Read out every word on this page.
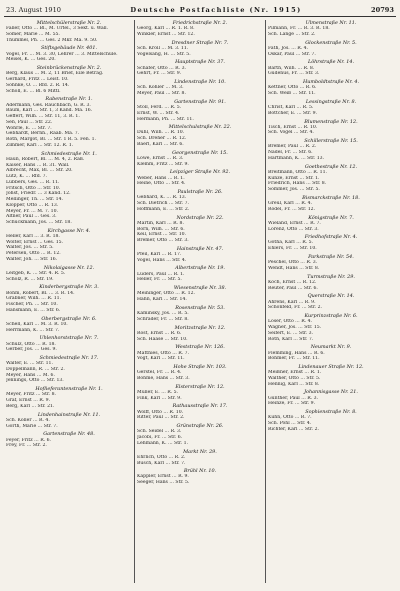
23. August 1910	Deutsche Postfachliste (Nr. 1915)	20793
Mittelschülerstraße Nr. 2.
Faller, Otto … Bl., M. Urtel., 3 Sekt. u. Wall.
Sömer, Marie … M. 55.
Thümmel, Ph. … Ges. 2 Mkr. Ma. 9. 50.
Stiftsgebäude Nr. 401.
Vogel, Fr. … M. 3. 30, Lehrer … 3. Mittelschule.
Meisel, K. … Ges. 20.
Steinbrückenstraße Nr. 2.
Berg, Klaus … M. 2, 11 Brief, Eile Betrag.
Gerhard, Fritz … Leist. 10.
Söhnke, O. … Rfd. 2. R. 14.
Scholl, E. … Bl. 6 Mittl.
Rabenstraße Nr. 1.
Adermann, Ges. Rauchbach, G. R. 3.
Baum, Karl … Str. 1, 3 Kand. Ma. 16.
Geffert, Wilh. … Str. 11, 3. R. 1.
Sen, Paul … Str. 22.
Wöhrle, E. … Str. 7.
Gebhardt, Bernh., Raab. Ma. 7.
Roth, Margot, Bl. … Str. 1 R. 5. Fen. 1.
Zimmer, Karl … Str. 12. R. 1.
Schmiedestraße Nr. 1.
Haun, Robert, Bl. … M. 4, 2. Raß.
Kaiser, Hans … R. 31. Wall.
Albrecht, Max, Bl. … Str. 20.
Lutz, K. … Rfd. 7.
Lübbers, Ges. … R. 11.
Fritsch, Otto … Str. 10.
Johst, Friedr. … 3 Kand. 12.
Mellinger, Th. … Str. 14.
Klöpper, Otto … R. 13.
Meyer, Fr. … M. 7. 10.
Altner, Paul … Ges. 3.
Schuckmann, Jos. … Str. 18.
Kirchgasse Nr. 4.
Heller, Karl … 3. R. 18.
Wolter, Ernst … Ges. 15.
Walter, Jos. … Str. 5.
Petersen, Otto … R. 12.
Walter, Joh. … Str. 16.
Nikolaigasse Nr. 12.
Leitgeb, K. … Str. 4. R. 5.
Scholz, R. … Str. 19.
Kinderbergstraße Nr. 3.
Böhm, Robert, Bl. … 3. R. 14.
Gräbner, Wilh. … R. 11.
Fischer, Ph. … Str. 10.
Hansmann, E. … Str. 6.
Oberbergstraße Nr. 6.
Schell, Karl … M. 3. R. 10.
Herrmann, K. … Str. 7.
Uhlenhorststraße Nr. 7.
Schulz, Otto … R. 18.
Gerber, Jos. … Ges. 9.
Schmiedestraße Nr. 17.
Walter, E. … Str. 11.
Doppelmann, R. … Str. 2.
Meyer, Hans … M. 6.
Jennings, Otto … Str. 13.
Hoflieferantenstraße Nr. 1.
Meyer, Fritz … Str. 8.
Graf, Ernst … R. 9.
Berg, Karl … Str. 21.
Lindenhainstraße Nr. 11.
Sch. Koller … R. 4.
Gorth, Marie … Str. 7.
Gartenstraße Nr. 48.
Feyer, Fritz … R. 6.
Frey, Fr. … Str. 2.
Friedrichstraße Nr. 2.
Georg, Karl … R. 1. R. 8.
Winkler, Ernst … Str. 12.
Dresdner Straße Nr. 7.
Sch. Kroll … M. 3. 11.
Vogelsang, H. … Str. 5.
Hauptstraße Nr. 37.
Schäfer, Otto … R. 3.
Gehrt, Fr. … Str. 9.
Lindenstraße Nr. 10.
Sch. Köhler … M. 3.
Meyer, Paul … Str. 8.
Gartenstraße Nr. 91.
Stoll, Ferd. … R. 5.
Ernst, W. … Str. 4.
Hermann, Ph. … Str. 11.
Mittelschulstraße Nr. 22.
Dühl, Wilh. … R. 10.
Sch. Dreher … R. 12.
Baerl, Karl … Str. 6.
Georgenstraße Nr. 15.
Löwe, Ernst … R. 3.
Klemm, Fritz … Str. 9.
Leipziger Straße Nr. 92.
Weber, Hans … R. 1.
Heine, Otto … Str. 4.
Paulstraße Nr. 26.
Gebhard, K. … R. 13.
Sch. Dietrich … Str. 7.
Hoffmann, E. … Str. 2.
Nordstraße Nr. 22.
Martin, Karl … R. 8.
Born, Wilh. … Str. 6.
Keil, Ernst … Str. 10.
Bremer, Otto … Str. 3.
Hainstraße Nr. 47.
Pfeil, Karl … R. 17.
Vogel, Hans … Str. 4.
Albertstraße Nr. 19.
Lüders, Paul … R. 1.
Heller, Fr. … Str. 5.
Wiesenstraße Nr. 38.
Meininger, Otto … R. 12.
Hahn, Karl … Str. 14.
Rosenstraße Nr. 53.
Kaminsky, Jos. … R. 5.
Schrader, Fr. … Str. 8.
Moritzstraße Nr. 12.
Rost, Ernst … R. 6.
Sch. Haase … Str. 10.
Weststraße Nr. 126.
Matthies, Otto … R. 7.
Vogt, Karl … Str. 11.
Hohe Straße Nr. 103.
Gerstel, Fr. … R. 4.
Böhme, Hans … Str. 3.
Elsterstraße Nr. 12.
Müller, E. … R. 5.
Fink, Karl … Str. 9.
Rathausstraße Nr. 17.
Wolff, Otto … R. 10.
Ritter, Paul … Str. 2.
Grünstraße Nr. 26.
Sch. Seidel … R. 3.
Jacobi, Fr. … Str. 6.
Lehmann, K. … Str. 1.
Markt Nr. 29.
Ehrlich, Otto … R. 2.
Busch, Karl … Str. 7.
Brühl Nr. 10.
Kappler, Ernst … R. 9.
Seeger, Hans … Str. 5.
Ulmenstraße Nr. 11.
Pilmann, Fr. … R. 3. R. 18.
Sch. Lange … Str. 2.
Glockenstraße Nr. 5.
Fath, Jos. … R. 4.
Oskar, Paul … Str. 7.
Löhrstraße Nr. 14.
Barth, Wilh. … R. 8.
Gudenus, Fr. … Str. 3.
Humboldtstraße Nr. 4.
Kettner, Otto … R. 6.
Sch. Weiß … Str. 11.
Lessingstraße Nr. 8.
Christ, Karl … R. 5.
Böttcher, E. … Str. 9.
Blumenstraße Nr. 12.
Tisch, Ernst … R. 10.
Sch. Vogel … Str. 4.
Schillerstraße Nr. 15.
Bremer, Paul … R. 2.
Nadel, Fr. … Str. 6.
Hartmann, K. … Str. 13.
Goethestraße Nr. 12.
Breitmann, Otto … R. 11.
Kunze, Ernst … Str. 1.
Friedrich, Hans … Str. 8.
Sommer, Jos. … Str. 5.
Bismarckstraße Nr. 18.
Greul, Karl … R. 4.
Rödel, Fr. … Str. 12.
Königstraße Nr. 7.
Wieland, Ernst … R. 7.
Lorenz, Otto … Str. 3.
Friedhofstraße Nr. 4.
Gotha, Karl … R. 5.
Ehlers, Fr. … Str. 10.
Parkstraße Nr. 54.
Peschel, Otto … R. 3.
Wendt, Hans … Str. 8.
Turmstraße Nr. 29.
Koch, Ernst … R. 12.
Reuter, Paul … Str. 6.
Querstraße Nr. 14.
Ahrens, Karl … R. 9.
Schönfeld, Fr. … Str. 2.
Kurprinzstraße Nr. 6.
Löser, Otto … R. 4.
Wagner, Jos. … Str. 15.
Seifert, E. … Str. 3.
Roth, Karl … Str. 7.
Neumarkt Nr. 9.
Flemming, Hans … R. 6.
Böhmer, Fr. … Str. 11.
Lindenauer Straße Nr. 12.
Meißner, Ernst … R. 1.
Walther, Otto … Str. 5.
Hennig, Karl … Str. 8.
Johannisgasse Nr. 21.
Günther, Paul … R. 3.
Heinze, Fr. … Str. 9.
Sophienstraße Nr. 8.
Kühn, Otto … R. 7.
Sch. Pohl … Str. 4.
Richter, Karl … Str. 2.
